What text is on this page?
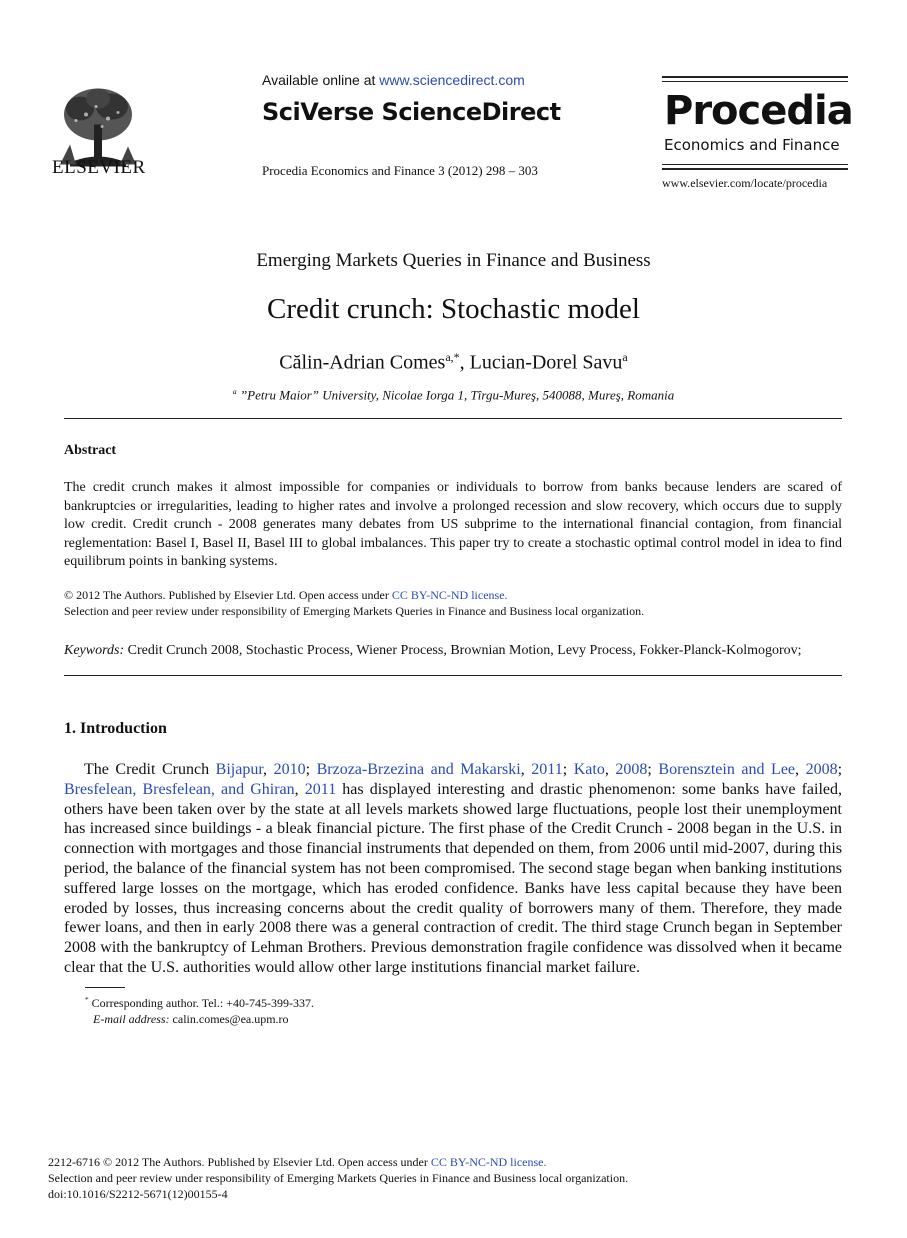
ELSEVIER
Available online at www.sciencedirect.com
SciVerse ScienceDirect
Procedia Economics and Finance 3 (2012) 298 – 303
Procedia
Economics and Finance
www.elsevier.com/locate/procedia
Emerging Markets Queries in Finance and Business
Credit crunch: Stochastic model
Călin-Adrian Comes$^{a,*}$, Lucian-Dorel Savu$^a$
$^a$ ”Petru Maior” University, Nicolae Iorga 1, Tîrgu-Mureş, 540088, Mureş, Romania
Abstract
The credit crunch makes it almost impossible for companies or individuals to borrow from banks because lenders are scared of bankruptcies or irregularities, leading to higher rates and involve a prolonged recession and slow recovery, which occurs due to supply low credit. Credit crunch - 2008 generates many debates from US subprime to the international financial contagion, from financial reglementation: Basel I, Basel II, Basel III to global imbalances. This paper try to create a stochastic optimal control model in idea to find equilibrum points in banking systems.
© 2012 The Authors. Published by Elsevier Ltd. Open access under CC BY-NC-ND license.
Selection and peer review under responsibility of Emerging Markets Queries in Finance and Business local organization.
Keywords: Credit Crunch 2008, Stochastic Process, Wiener Process, Brownian Motion, Levy Process, Fokker-Planck-Kolmogorov;
1. Introduction
The Credit Crunch Bijapur, 2010; Brzoza-Brzezina and Makarski, 2011; Kato, 2008; Borensztein and Lee, 2008; Bresfelean, Bresfelean, and Ghiran, 2011 has displayed interesting and drastic phenomenon: some banks have failed, others have been taken over by the state at all levels markets showed large fluctuations, people lost their unemployment has increased since buildings - a bleak financial picture. The first phase of the Credit Crunch - 2008 began in the U.S. in connection with mortgages and those financial instruments that depended on them, from 2006 until mid-2007, during this period, the balance of the financial system has not been compromised. The second stage began when banking institutions suffered large losses on the mortgage, which has eroded confidence. Banks have less capital because they have been eroded by losses, thus increasing concerns about the credit quality of borrowers many of them. Therefore, they made fewer loans, and then in early 2008 there was a general contraction of credit. The third stage Crunch began in September 2008 with the bankruptcy of Lehman Brothers. Previous demonstration fragile confidence was dissolved when it became clear that the U.S. authorities would allow other large institutions financial market failure.
* Corresponding author. Tel.: +40-745-399-337.
E-mail address: calin.comes@ea.upm.ro
2212-6716 © 2012 The Authors. Published by Elsevier Ltd. Open access under CC BY-NC-ND license.
Selection and peer review under responsibility of Emerging Markets Queries in Finance and Business local organization.
doi:10.1016/S2212-5671(12)00155-4
